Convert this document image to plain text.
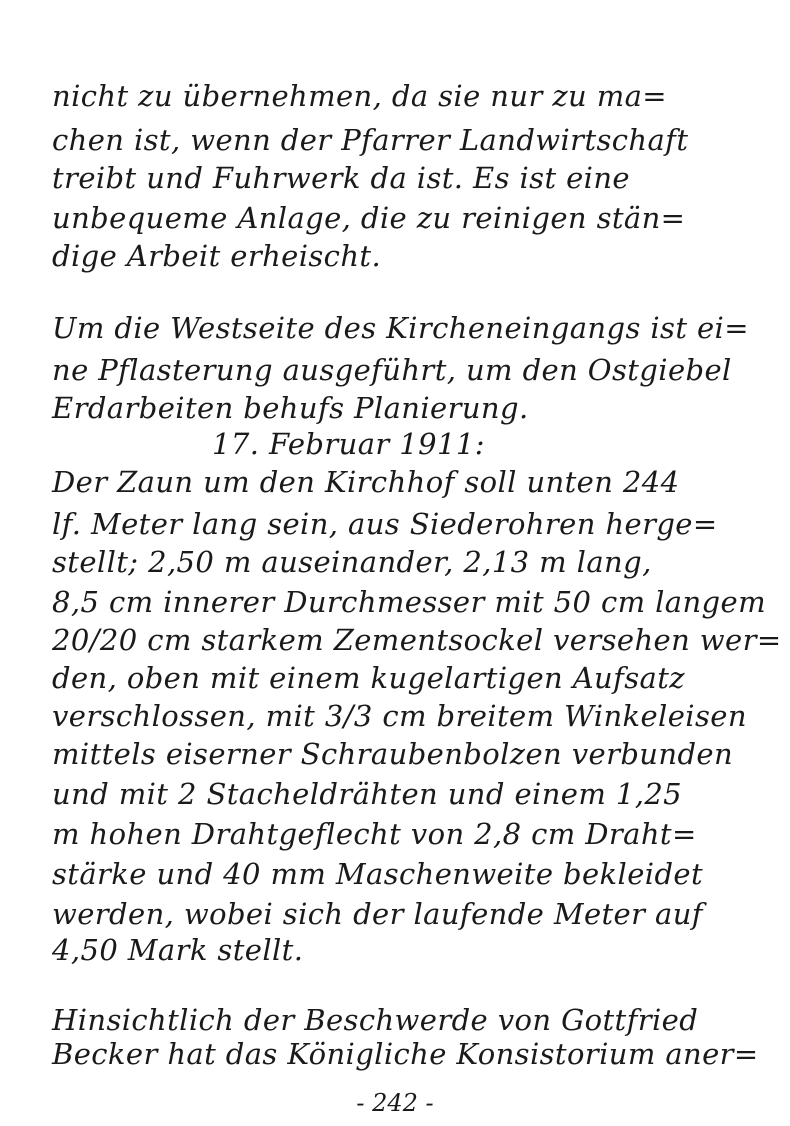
nicht zu übernehmen, da sie nur zu ma=
chen ist, wenn der Pfarrer Landwirtschaft
treibt und Fuhrwerk da ist. Es ist eine
unbequeme Anlage, die zu reinigen stän=
dige Arbeit erheischt.
Um die Westseite des Kircheneingangs ist ei=
ne Pflasterung ausgeführt, um den Ostgiebel
Erdarbeiten behufs Planierung.
17. Februar 1911:
Der Zaun um den Kirchhof soll unten 244
lf. Meter lang sein, aus Siederohren herge=
stellt; 2,50 m auseinander, 2,13 m lang,
8,5 cm innerer Durchmesser mit 50 cm langem
20/20 cm starkem Zementsockel versehen wer=
den, oben mit einem kugelartigen Aufsatz
verschlossen, mit 3/3 cm breitem Winkeleisen
mittels eiserner Schraubenbolzen verbunden
und mit 2 Stacheldrähten und einem 1,25
m hohen Drahtgeflecht von 2,8 cm Draht=
stärke und 40 mm Maschenweite bekleidet
werden, wobei sich der laufende Meter auf
4,50 Mark stellt.
Hinsichtlich der Beschwerde von Gottfried
Becker hat das Königliche Konsistorium aner=
- 242 -
